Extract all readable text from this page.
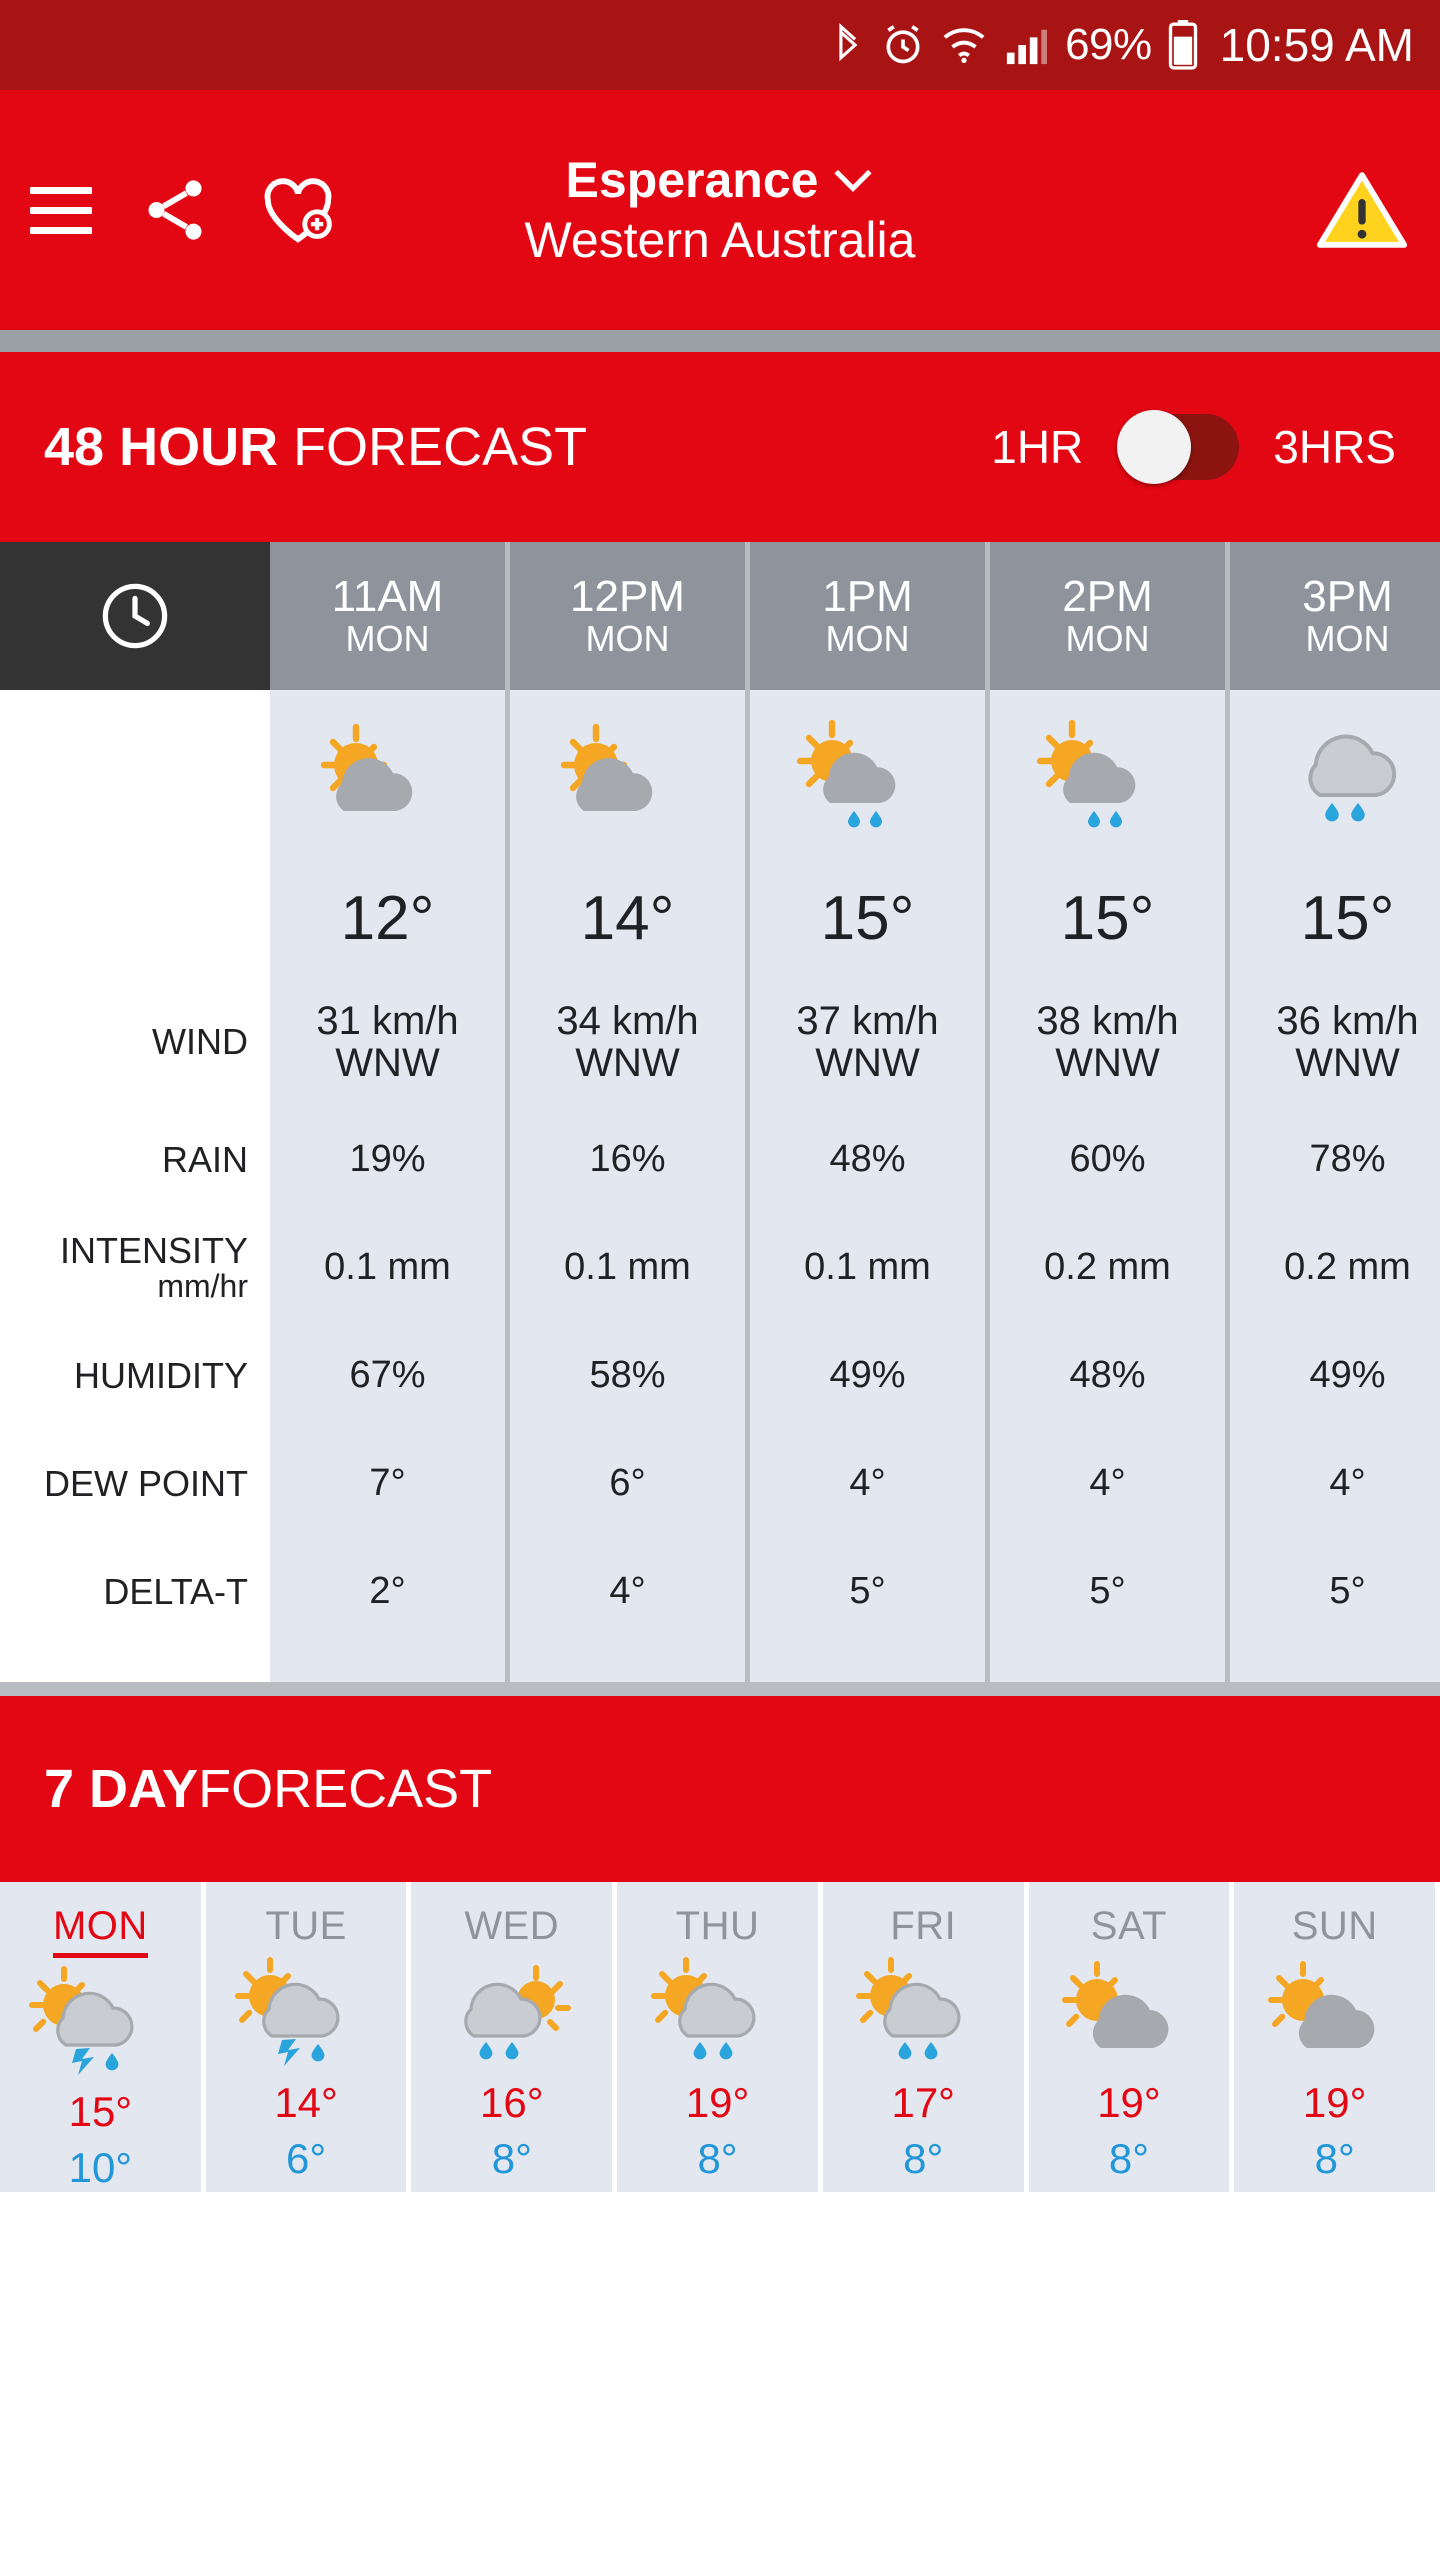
69% 10:59 AM
Esperance
Western Australia
48 HOUR FORECAST	1HR	3HRS
WIND
RAIN
INTENSITY
mm/hr
HUMIDITY
DEW POINT
DELTA-T
11AM
MON
12°
31 km/h
WNW
19%
0.1 mm
67%
7°
2°
12PM
MON
14°
34 km/h
WNW
16%
0.1 mm
58%
6°
4°
1PM
MON
15°
37 km/h
WNW
48%
0.1 mm
49%
4°
5°
2PM
MON
15°
38 km/h
WNW
60%
0.2 mm
48%
4°
5°
3PM
MON
15°
36 km/h
WNW
78%
0.2 mm
49%
4°
5°
7 DAY FORECAST
MON
15°
10°
TUE
14°
6°
WED
16°
8°
THU
19°
8°
FRI
17°
8°
SAT
19°
8°
SUN
19°
8°
